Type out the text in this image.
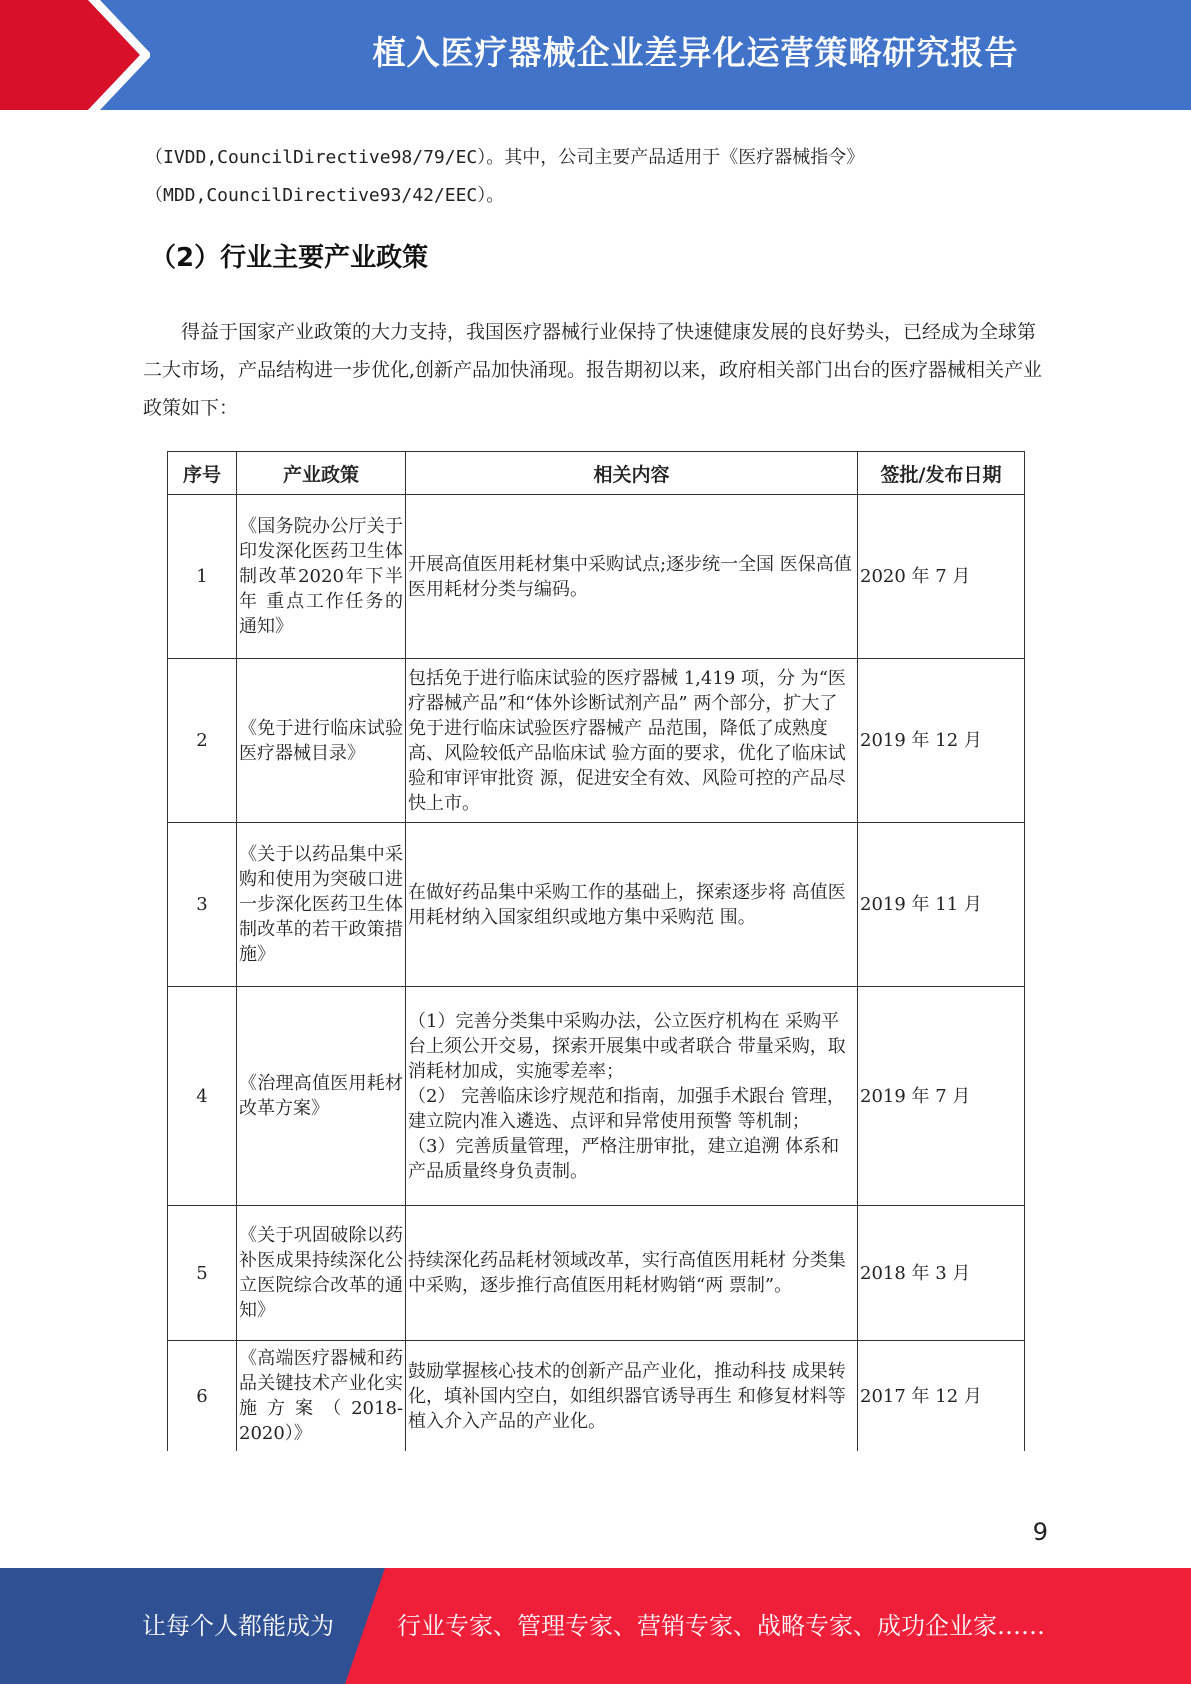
植入医疗器械企业差异化运营策略研究报告
（IVDD,CouncilDirective98/79/EC）。其中，公司主要产品适用于《医疗器械指令》
（MDD,CouncilDirective93/42/EEC）。
（2）行业主要产业政策
得益于国家产业政策的大力支持，我国医疗器械行业保持了快速健康发展的良好势头，已经成为全球第二大市场，产品结构进一步优化,创新产品加快涌现。报告期初以来，政府相关部门出台的医疗器械相关产业政策如下：
序号	产业政策	相关内容	签批/发布日期
1	《国务院办公厅关于印发深化医药卫生体制改革2020年下半年 重点工作任务的 通知》	开展高值医用耗材集中采购试点;逐步统一全国 医保高值医用耗材分类与编码。	2020 年 7 月
2	《免于进行临床试验医疗器械目录》	包括免于进行临床试验的医疗器械 1,419 项，分 为“医疗器械产品”和“体外诊断试剂产品” 两个部分，扩大了免于进行临床试验医疗器械产 品范围，降低了成熟度高、风险较低产品临床试 验方面的要求，优化了临床试验和审评审批资 源，促进安全有效、风险可控的产品尽快上市。	2019 年 12 月
3	《关于以药品集中采购和使用为突破口进一步深化医药卫生体制改革的若干政策措施》	在做好药品集中采购工作的基础上，探索逐步将 高值医用耗材纳入国家组织或地方集中采购范 围。	2019 年 11 月
4	《治理高值医用耗材改革方案》	（1）完善分类集中采购办法，公立医疗机构在 采购平台上须公开交易，探索开展集中或者联合 带量采购，取消耗材加成，实施零差率；
（2） 完善临床诊疗规范和指南，加强手术跟台 管理，建立院内准入遴选、点评和异常使用预警 等机制；
（3）完善质量管理，严格注册审批，建立追溯 体系和产品质量终身负责制。	2019 年 7 月
5	《关于巩固破除以药补医成果持续深化公立医院综合改革的通 知》	持续深化药品耗材领域改革，实行高值医用耗材 分类集中采购，逐步推行高值医用耗材购销“两 票制”。	2018 年 3 月
6	《高端医疗器械和药品关键技术产业化实施方案（2018-2020）》	鼓励掌握核心技术的创新产品产业化，推动科技 成果转化，填补国内空白，如组织器官诱导再生 和修复材料等植入介入产品的产业化。	2017 年 12 月
9
让每个人都能成为	行业专家、管理专家、营销专家、战略专家、成功企业家……
